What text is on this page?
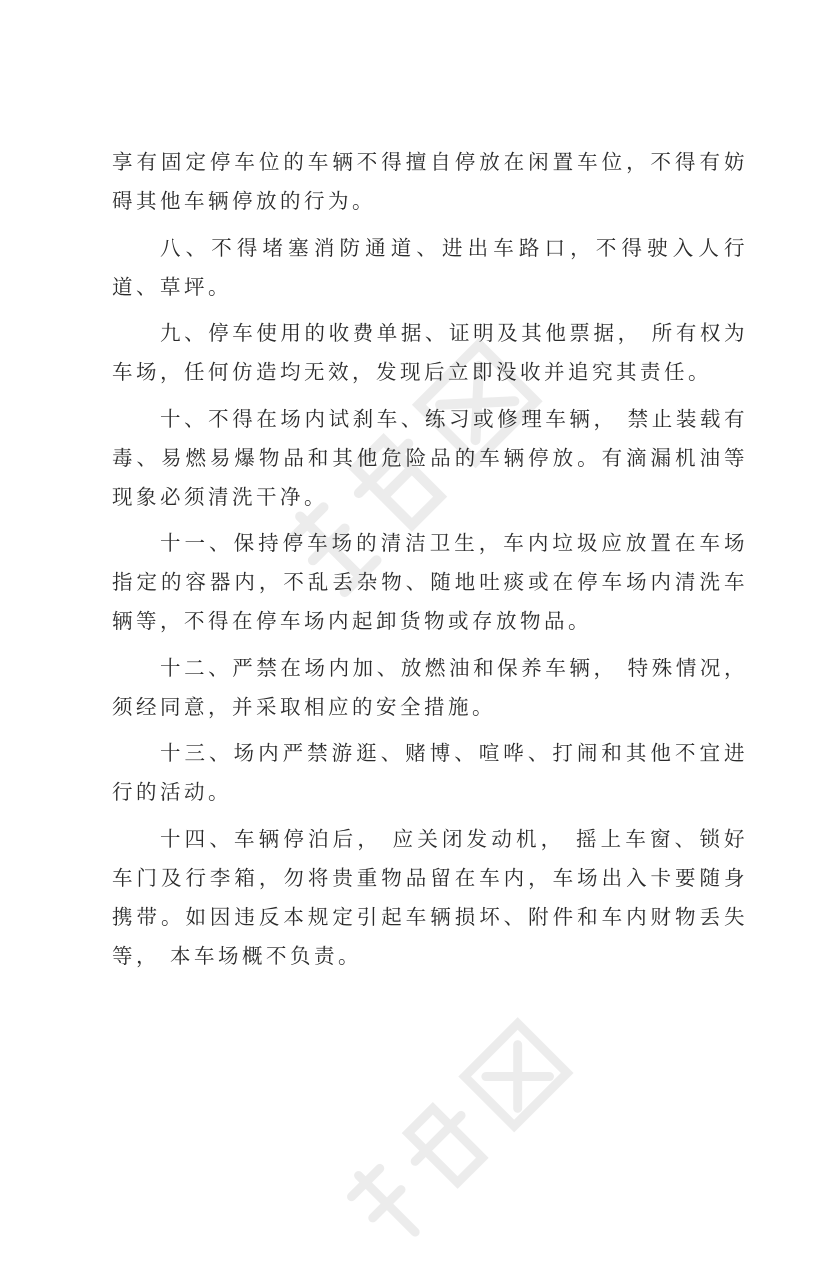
享有固定停车位的车辆不得擅自停放在闲置车位，不得有妨碍其他车辆停放的行为。

八、不得堵塞消防通道、进出车路口，不得驶入人行道、草坪。

九、停车使用的收费单据、证明及其他票据， 所有权为车场，任何仿造均无效，发现后立即没收并追究其责任。

十、不得在场内试刹车、练习或修理车辆， 禁止装载有毒、易燃易爆物品和其他危险品的车辆停放。有滴漏机油等现象必须清洗干净。

十一、保持停车场的清洁卫生，车内垃圾应放置在车场指定的容器内，不乱丢杂物、随地吐痰或在停车场内清洗车辆等，不得在停车场内起卸货物或存放物品。

十二、严禁在场内加、放燃油和保养车辆， 特殊情况，须经同意，并采取相应的安全措施。

十三、场内严禁游逛、赌博、喧哗、打闹和其他不宜进行的活动。

十四、车辆停泊后， 应关闭发动机， 摇上车窗、锁好车门及行李箱，勿将贵重物品留在车内，车场出入卡要随身携带。如因违反本规定引起车辆损坏、附件和车内财物丢失等， 本车场概不负责。
